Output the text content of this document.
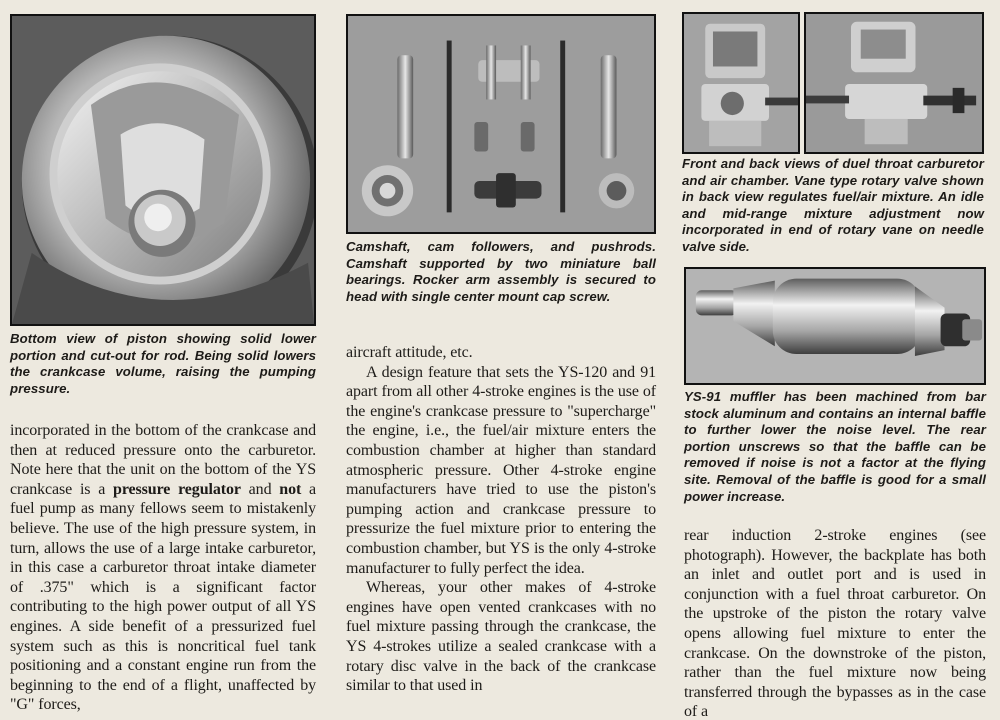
Bottom view of piston showing solid lower portion and cut-out for rod. Being solid lowers the crankcase volume, raising the pumping pressure.

incorporated in the bottom of the crankcase and then at reduced pressure onto the carburetor. Note here that the unit on the bottom of the YS crankcase is a pressure regulator and not a fuel pump as many fellows seem to mistakenly believe. The use of the high pressure system, in turn, allows the use of a large intake carburetor, in this case a carburetor throat intake diameter of .375" which is a significant factor contributing to the high power output of all YS engines. A side benefit of a pressurized fuel system such as this is noncritical fuel tank positioning and a constant engine run from the beginning to the end of a flight, unaffected by "G" forces,

Camshaft, cam followers, and pushrods. Camshaft supported by two miniature ball bearings. Rocker arm assembly is secured to head with single center mount cap screw.

aircraft attitude, etc.

A design feature that sets the YS-120 and 91 apart from all other 4-stroke engines is the use of the engine's crankcase pressure to "supercharge" the engine, i.e., the fuel/air mixture enters the combustion chamber at higher than standard atmospheric pressure. Other 4-stroke engine manufacturers have tried to use the piston's pumping action and crankcase pressure to pressurize the fuel mixture prior to entering the combustion chamber, but YS is the only 4-stroke manufacturer to fully perfect the idea.

Whereas, your other makes of 4-stroke engines have open vented crankcases with no fuel mixture passing through the crankcase, the YS 4-strokes utilize a sealed crankcase with a rotary disc valve in the back of the crankcase similar to that used in

Front and back views of duel throat carburetor and air chamber. Vane type rotary valve shown in back view regulates fuel/air mixture. An idle and mid-range mixture adjustment now incorporated in end of rotary vane on needle valve side.
YS-91 muffler has been machined from bar stock aluminum and contains an internal baffle to further lower the noise level. The rear portion unscrews so that the baffle can be removed if noise is not a factor at the flying site. Removal of the baffle is good for a small power increase.

rear induction 2-stroke engines (see photograph). However, the backplate has both an inlet and outlet port and is used in conjunction with a fuel throat carburetor. On the upstroke of the piston the rotary valve opens allowing fuel mixture to enter the crankcase. On the downstroke of the piston, rather than the fuel mixture now being transferred through the bypasses as in the case of a
